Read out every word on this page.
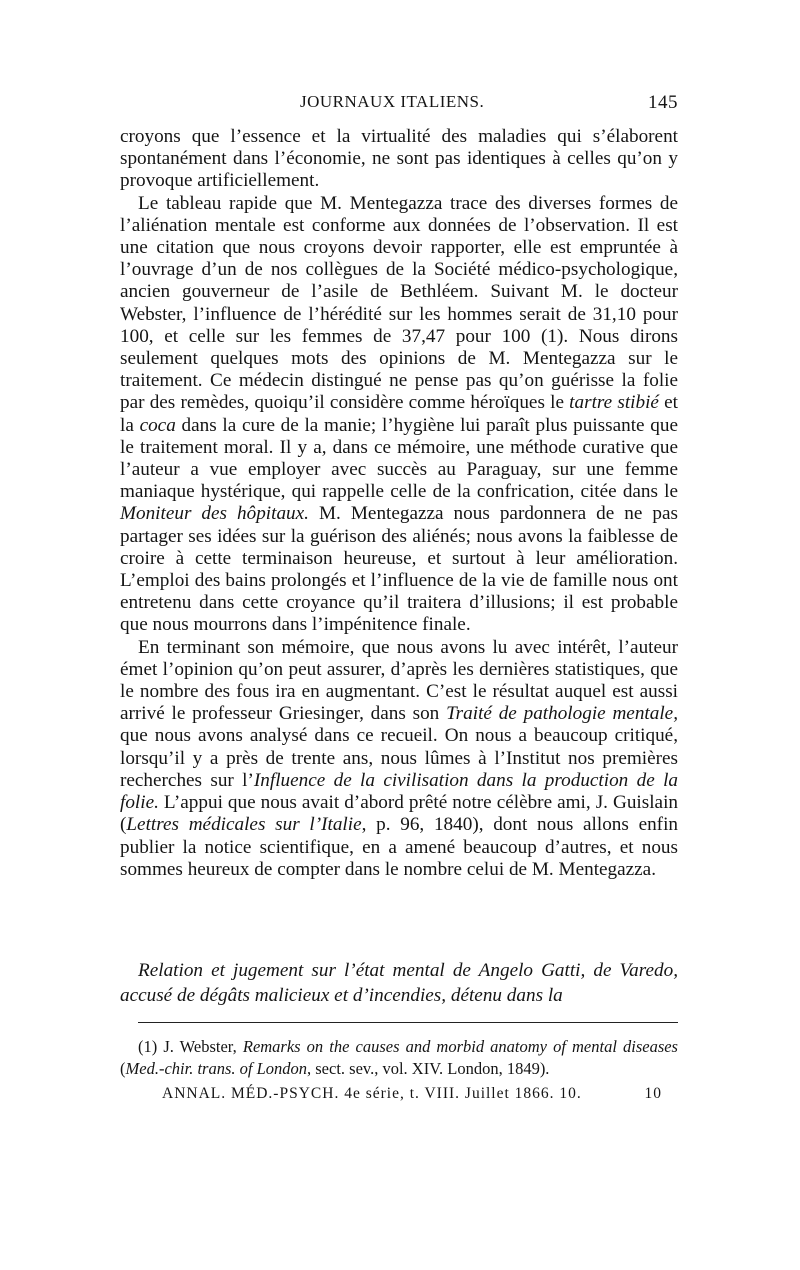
JOURNAUX ITALIENS.	145

croyons que l’essence et la virtualité des maladies qui s’élaborent spontanément dans l’économie, ne sont pas identiques à celles qu’on y provoque artificiellement.

Le tableau rapide que M. Mentegazza trace des diverses formes de l’aliénation mentale est conforme aux données de l’observation. Il est une citation que nous croyons devoir rapporter, elle est empruntée à l’ouvrage d’un de nos collègues de la Société médico-psychologique, ancien gouverneur de l’asile de Bethléem. Suivant M. le docteur Webster, l’influence de l’hérédité sur les hommes serait de 31,10 pour 100, et celle sur les femmes de 37,47 pour 100 (1). Nous dirons seulement quelques mots des opinions de M. Mentegazza sur le traitement. Ce médecin distingué ne pense pas qu’on guérisse la folie par des remèdes, quoiqu’il considère comme héroïques le tartre stibié et la coca dans la cure de la manie; l’hygiène lui paraît plus puissante que le traitement moral. Il y a, dans ce mémoire, une méthode curative que l’auteur a vue employer avec succès au Paraguay, sur une femme maniaque hystérique, qui rappelle celle de la confrication, citée dans le Moniteur des hôpitaux. M. Mentegazza nous pardonnera de ne pas partager ses idées sur la guérison des aliénés; nous avons la faiblesse de croire à cette terminaison heureuse, et surtout à leur amélioration. L’emploi des bains prolongés et l’influence de la vie de famille nous ont entretenu dans cette croyance qu’il traitera d’illusions; il est probable que nous mourrons dans l’impénitence finale.

En terminant son mémoire, que nous avons lu avec intérêt, l’auteur émet l’opinion qu’on peut assurer, d’après les dernières statistiques, que le nombre des fous ira en augmentant. C’est le résultat auquel est aussi arrivé le professeur Griesinger, dans son Traité de pathologie mentale, que nous avons analysé dans ce recueil. On nous a beaucoup critiqué, lorsqu’il y a près de trente ans, nous lûmes à l’Institut nos premières recherches sur l’Influence de la civilisation dans la production de la folie. L’appui que nous avait d’abord prêté notre célèbre ami, J. Guislain (Lettres médicales sur l’Italie, p. 96, 1840), dont nous allons enfin publier la notice scientifique, en a amené beaucoup d’autres, et nous sommes heureux de compter dans le nombre celui de M. Mentegazza.

Relation et jugement sur l’état mental de Angelo Gatti, de Varedo, accusé de dégâts malicieux et d’incendies, détenu dans la
(1) J. Webster, Remarks on the causes and morbid anatomy of mental diseases (Med.-chir. trans. of London, sect. sev., vol. XIV. London, 1849).
ANNAL. MÉD.-PSYCH. 4e série, t. VIII. Juillet 1866. 10.	10
